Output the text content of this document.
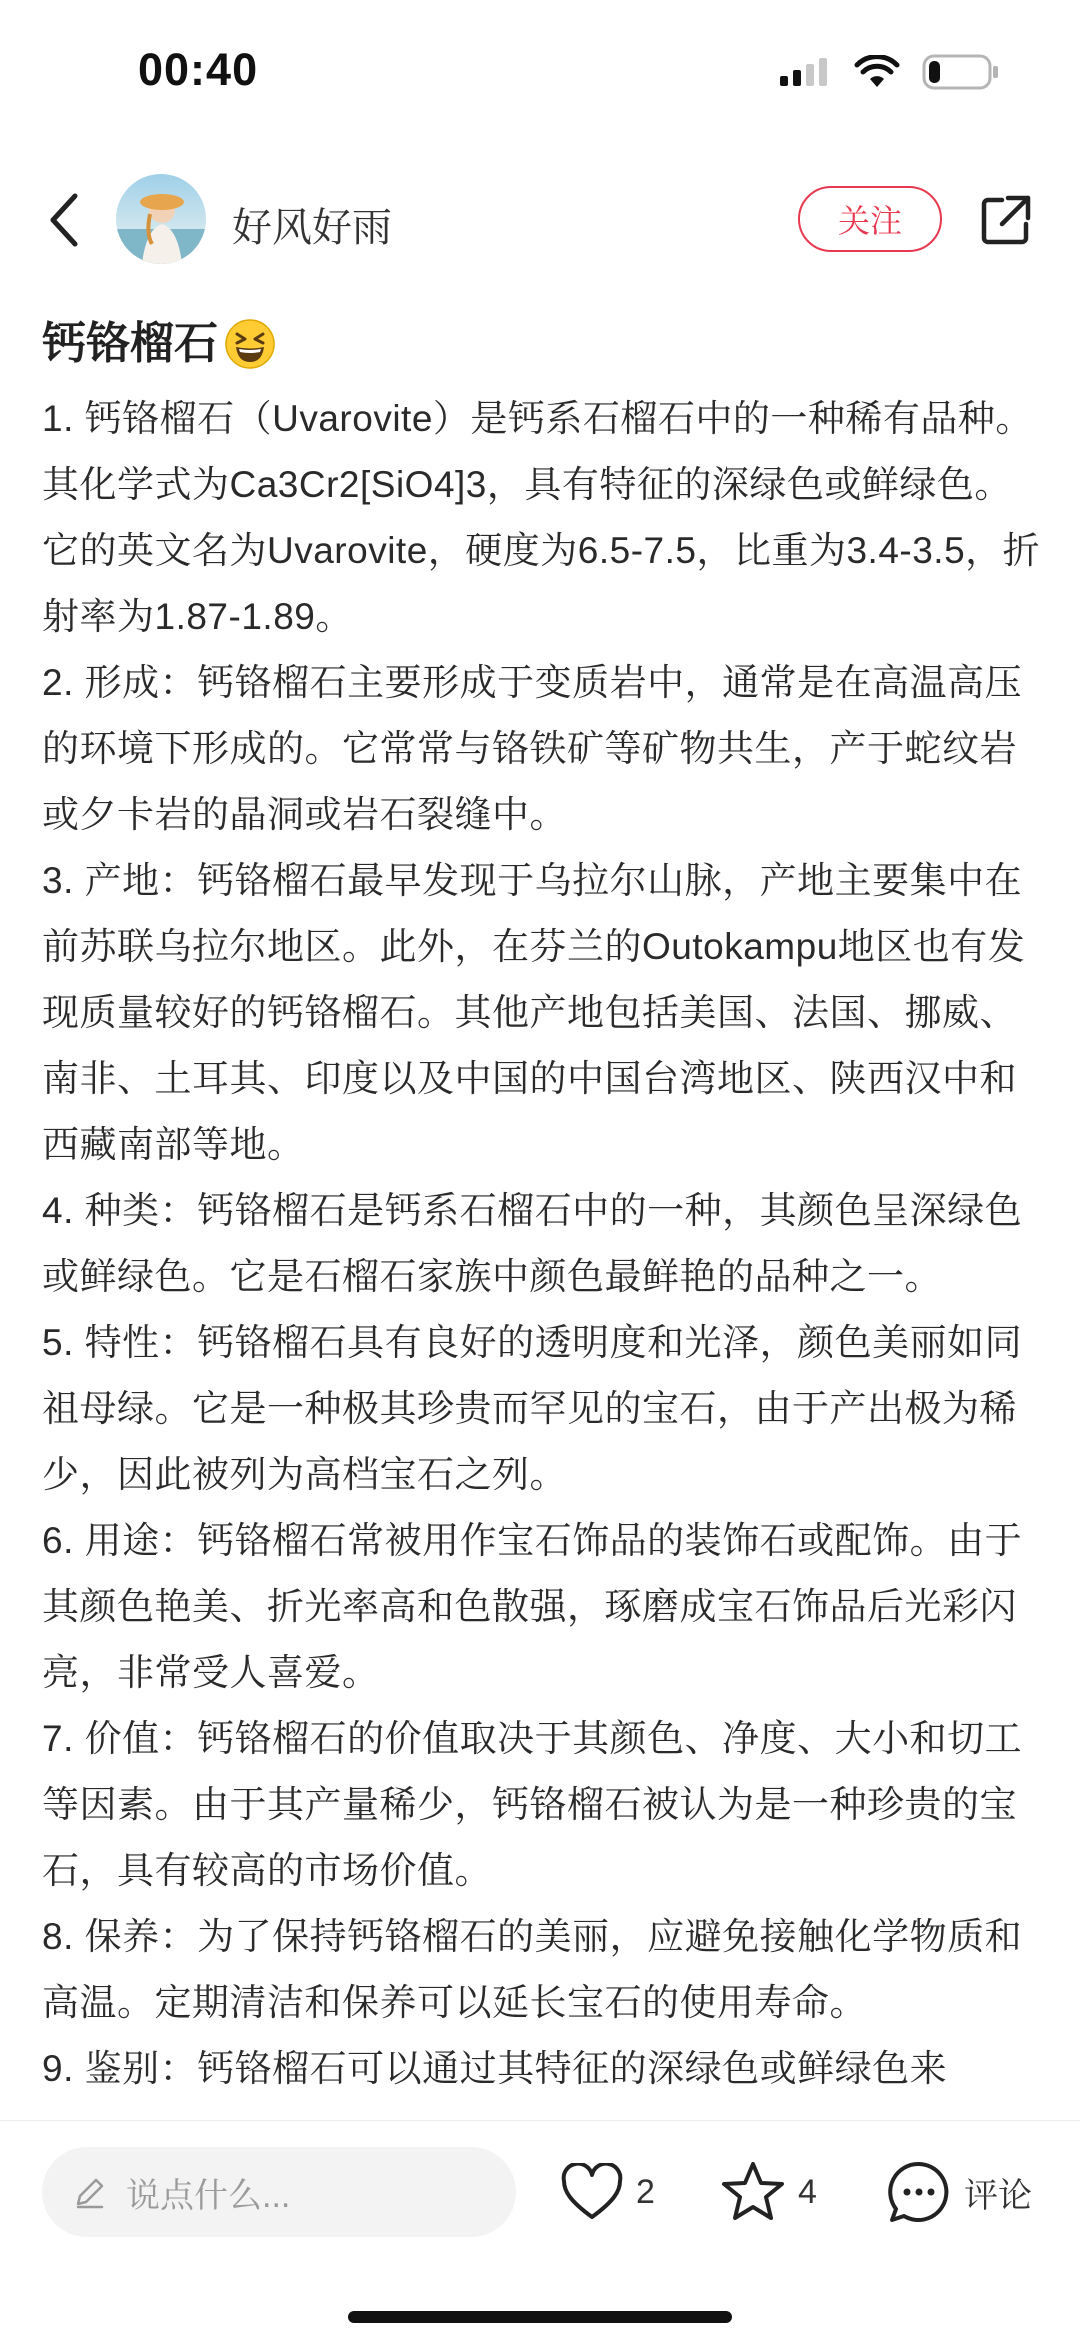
00:40
好风好雨	关注
钙铬榴石

1. 钙铬榴石（Uvarovite）是钙系石榴石中的一种稀有品种。其化学式为Ca3Cr2[SiO4]3，具有特征的深绿色或鲜绿色。它的英文名为Uvarovite，硬度为6.5-7.5，比重为3.4-3.5，折射率为1.87-1.89。

2. 形成：钙铬榴石主要形成于变质岩中，通常是在高温高压的环境下形成的。它常常与铬铁矿等矿物共生，产于蛇纹岩或夕卡岩的晶洞或岩石裂缝中。

3. 产地：钙铬榴石最早发现于乌拉尔山脉，产地主要集中在前苏联乌拉尔地区。此外，在芬兰的Outokampu地区也有发现质量较好的钙铬榴石。其他产地包括美国、法国、挪威、南非、土耳其、印度以及中国的中国台湾地区、陕西汉中和西藏南部等地。

4. 种类：钙铬榴石是钙系石榴石中的一种，其颜色呈深绿色或鲜绿色。它是石榴石家族中颜色最鲜艳的品种之一。

5. 特性：钙铬榴石具有良好的透明度和光泽，颜色美丽如同祖母绿。它是一种极其珍贵而罕见的宝石，由于产出极为稀少，因此被列为高档宝石之列。

6. 用途：钙铬榴石常被用作宝石饰品的装饰石或配饰。由于其颜色艳美、折光率高和色散强，琢磨成宝石饰品后光彩闪亮，非常受人喜爱。

7. 价值：钙铬榴石的价值取决于其颜色、净度、大小和切工等因素。由于其产量稀少，钙铬榴石被认为是一种珍贵的宝石，具有较高的市场价值。

8. 保养：为了保持钙铬榴石的美丽，应避免接触化学物质和高温。定期清洁和保养可以延长宝石的使用寿命。

9. 鉴别：钙铬榴石可以通过其特征的深绿色或鲜绿色来

说点什么...	2	4	评论
